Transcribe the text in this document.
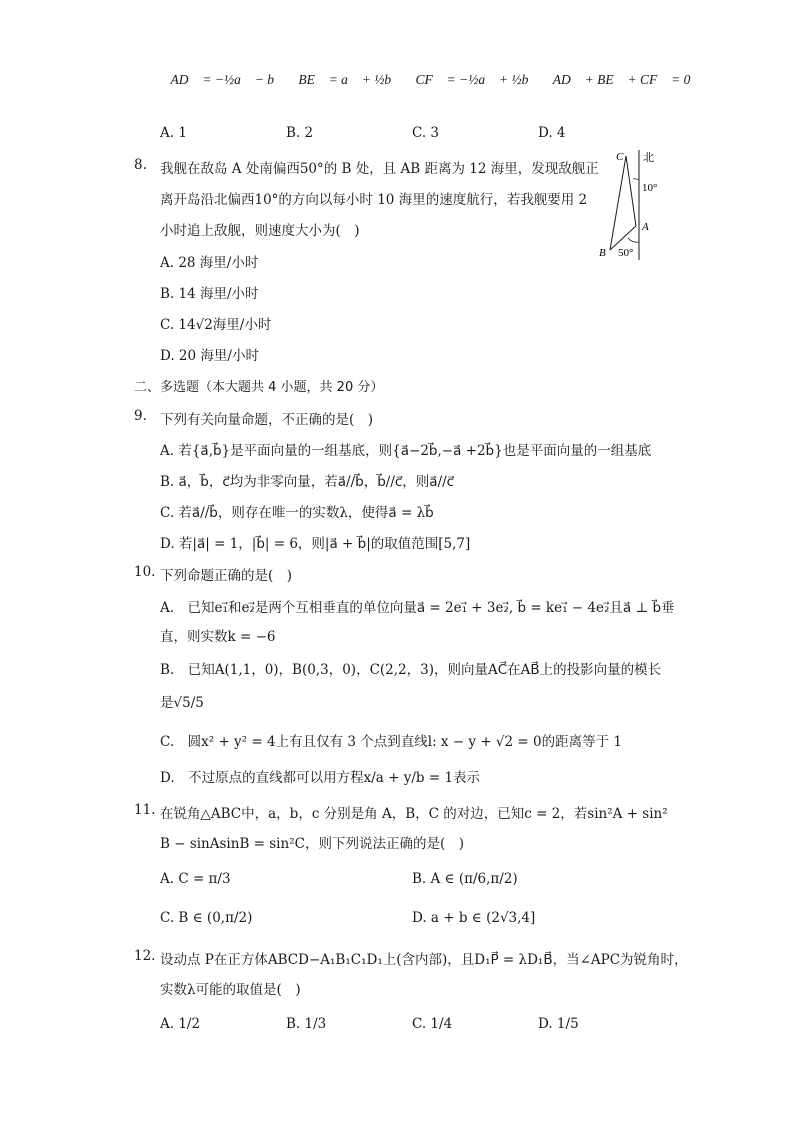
①AD⃗ = −½a⃗ − b⃗ ②BE⃗ = a⃗ + ½b⃗ ③CF⃗ = −½a⃗ + ½b⃗ ④AD⃗ + BE⃗ + CF⃗ = 0⃗
A. 1	B. 2	C. 3	D. 4
8. 我舰在敌岛 A 处南偏西50°的 B 处，且 AB 距离为 12 海里，发现敌舰正
离开岛沿北偏西10°的方向以每小时 10 海里的速度航行，若我舰要用 2
小时追上敌舰，则速度大小为(　)
A. 28 海里/小时
B. 14 海里/小时
C. 14√2海里/小时
D. 20 海里/小时
C 北
10°
A
B 50°
二、多选题（本大题共 4 小题，共 20 分）
9. 下列有关向量命题，不正确的是(　)
A. 若{a⃗,b⃗}是平面向量的一组基底，则{a⃗−2b⃗,−a⃗ +2b⃗}也是平面向量的一组基底
B. a⃗，b⃗，c⃗均为非零向量，若a⃗//b⃗，b⃗//c⃗，则a⃗//c⃗
C. 若a⃗//b⃗，则存在唯一的实数λ，使得a⃗ = λb⃗
D. 若|a⃗| = 1，|b⃗| = 6，则|a⃗ + b⃗|的取值范围[5,7]
10. 下列命题正确的是(　)
A.　已知e₁⃗和e₂⃗是两个互相垂直的单位向量a⃗ = 2e₁⃗ + 3e₂⃗, b⃗ = ke₁⃗ − 4e₂⃗且a⃗ ⊥ b⃗垂
直，则实数k = −6
B.　已知A(1,1，0)，B(0,3，0)，C(2,2，3)，则向量AC⃗在AB⃗上的投影向量的模长
是√5/5
C.　圆x² + y² = 4上有且仅有 3 个点到直线l: x − y + √2 = 0的距离等于 1
D.　不过原点的直线都可以用方程x/a + y/b = 1表示
11. 在锐角△ABC中，a，b，c 分别是角 A，B，C 的对边，已知c = 2，若sin²A + sin²
B − sinAsinB = sin²C，则下列说法正确的是(　)
A. C = π/3	B. A ∈ (π/6,π/2)
C. B ∈ (0,π/2)	D. a + b ∈ (2√3,4]
12. 设动点 P在正方体ABCD−A₁B₁C₁D₁上(含内部)，且D₁P⃗ = λD₁B⃗，当∠APC为锐角时，
实数λ可能的取值是(　)
A. 1/2	B. 1/3	C. 1/4	D. 1/5
